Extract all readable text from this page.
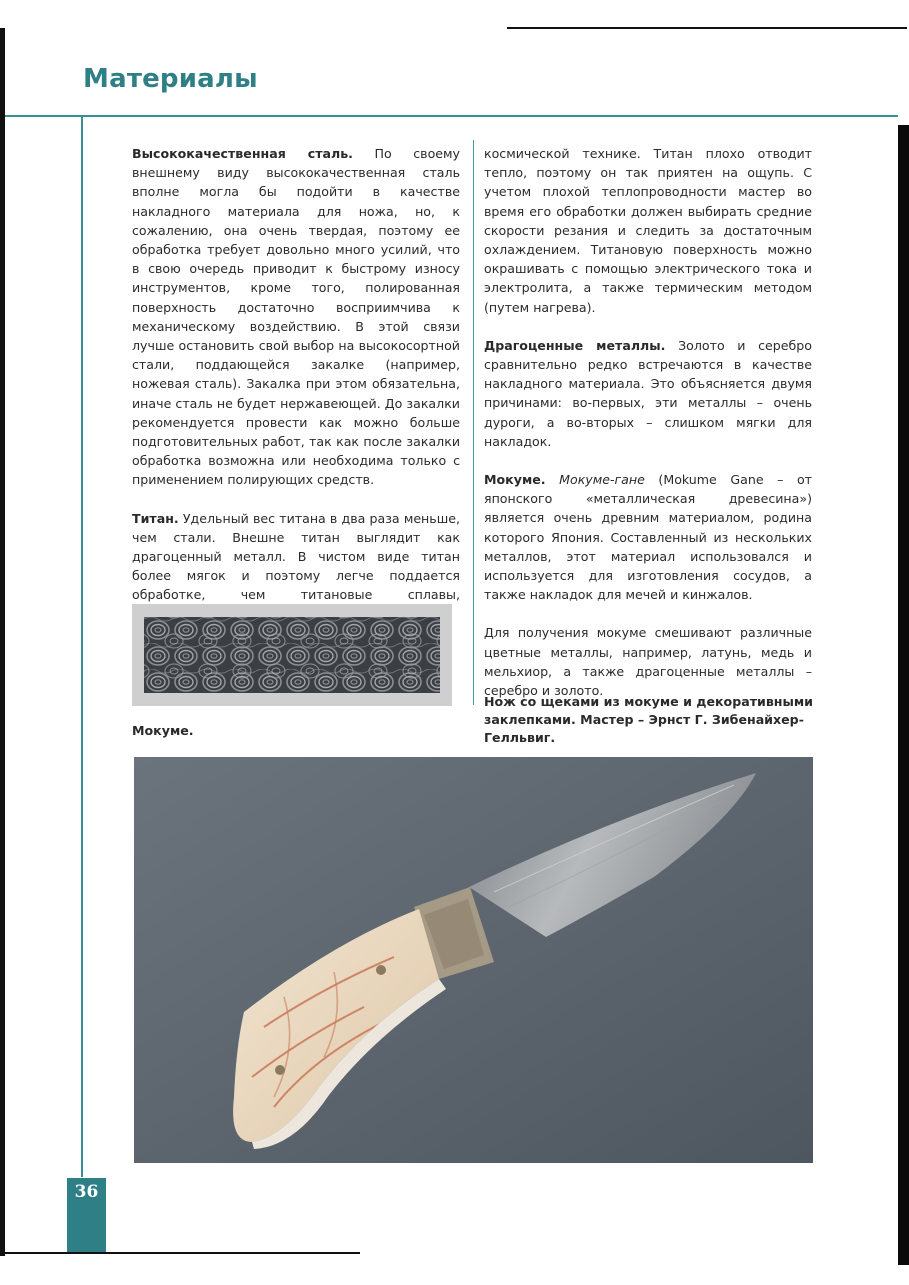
Материалы

Высококачественная сталь. По своему внешнему виду высококачественная сталь вполне могла бы подойти в качестве накладного материала для ножа, но, к сожалению, она очень твердая, поэтому ее обработка требует довольно много усилий, что в свою очередь приводит к быстрому износу инструментов, кроме того, полированная поверхность достаточно восприимчива к механическому воздействию. В этой связи лучше остановить свой выбор на высокосортной стали, поддающейся закалке (например, ножевая сталь). Закалка при этом обязательна, иначе сталь не будет нержавеющей. До закалки рекомендуется провести как можно больше подготовительных работ, так как после закалки обработка возможна или необходима только с применением полирующих средств.

Титан. Удельный вес титана в два раза меньше, чем стали. Внешне титан выглядит как драгоценный металл. В чистом виде титан более мягок и поэтому легче поддается обработке, чем титановые сплавы,

космической технике. Титан плохо отводит тепло, поэтому он так приятен на ощупь. С учетом плохой теплопроводности мастер во время его обработки должен выбирать средние скорости резания и следить за достаточным охлаждением. Титановую поверхность можно окрашивать с помощью электрического тока и электролита, а также термическим методом (путем нагрева).

Драгоценные металлы. Золото и серебро сравнительно редко встречаются в качестве накладного материала. Это объясняется двумя причинами: во-первых, эти металлы – очень дуроги, а во-вторых – слишком мягки для накладок.

Мокуме. Мокуме-гане (Mokume Gane – от японского «металлическая древесина») является очень древним материалом, родина которого Япония. Составленный из нескольких металлов, этот материал использовался и используется для изготовления сосудов, а также накладок для мечей и кинжалов.

Для получения мокуме смешивают различные цветные металлы, например, латунь, медь и мельхиор, а также драгоценные металлы – серебро и золото.

Мокуме.
Нож со щеками из мокуме и декоративными заклепками. Мастер – Эрнст Г. Зибенайхер-Гелльвиг.
36
